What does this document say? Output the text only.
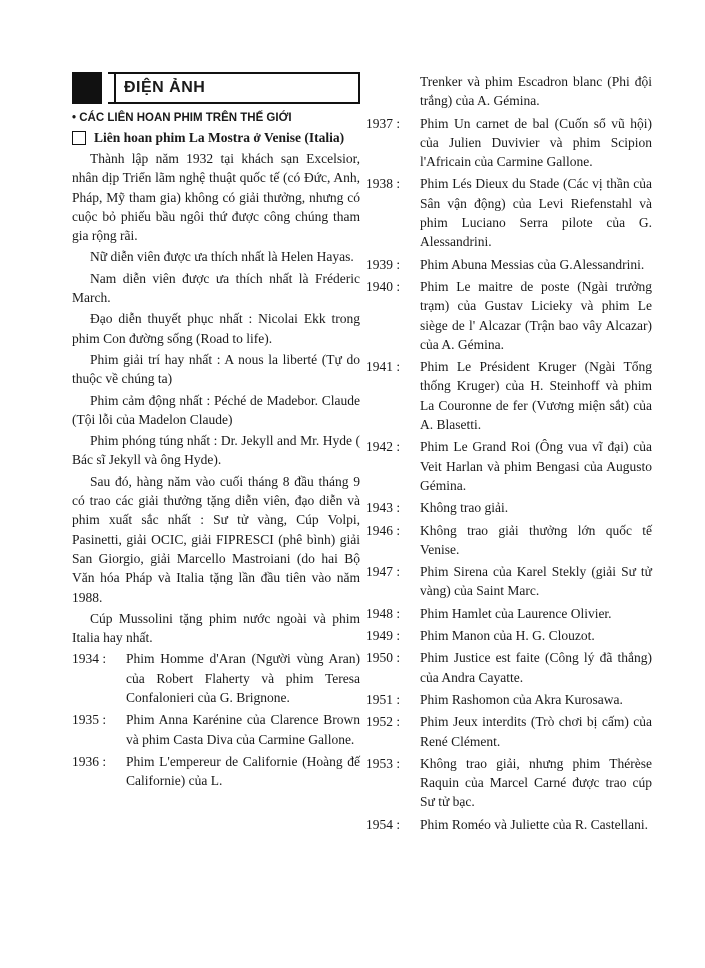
ĐIỆN ẢNH
• CÁC LIÊN HOAN PHIM TRÊN THẾ GIỚI
Liên hoan phim La Mostra ở Venise (Italia)

Thành lập năm 1932 tại khách sạn Excelsior, nhân dịp Triển lãm nghệ thuật quốc tế (có Đức, Anh, Pháp, Mỹ tham gia) không có giải thưởng, nhưng có cuộc bỏ phiếu bầu ngôi thứ được công chúng tham gia rộng rãi.

Nữ diễn viên được ưa thích nhất là Helen Hayas.

Nam diễn viên được ưa thích nhất là Fréderic March.

Đạo diễn thuyết phục nhất : Nicolai Ekk trong phim Con đường sống (Road to life).

Phim giải trí hay nhất : A nous la liberté (Tự do thuộc về chúng ta)

Phim cảm động nhất : Péché de Madebor. Claude (Tội lỗi của Madelon Claude)

Phim phóng túng nhất : Dr. Jekyll and Mr. Hyde ( Bác sĩ Jekyll và ông Hyde).

Sau đó, hàng năm vào cuối tháng 8 đầu tháng 9 có trao các giải thưởng tặng diễn viên, đạo diễn và phim xuất sắc nhất : Sư tử vàng, Cúp Volpi, Pasinetti, giải OCIC, giải FIPRESCI (phê bình) giải San Giorgio, giải Marcello Mastroiani (do hai Bộ Văn hóa Pháp và Italia tặng lần đầu tiên vào năm 1988.

Cúp Mussolini tặng phim nước ngoài và phim Italia hay nhất.

1934 :	Phim Homme d'Aran (Người vùng Aran) của Robert Flaherty và phim Teresa Confalonieri của G. Brignone.
1935 :	Phim Anna Karénine của Clarence Brown và phim Casta Diva của Carmine Gallone.
1936 :	Phim L'empereur de Californie (Hoàng đế Californie) của L.
Trenker và phim Escadron blanc (Phi đội trắng) của A. Gémina.
1937 :	Phim Un carnet de bal (Cuốn sổ vũ hội) của Julien Duvivier và phim Scipion l'Africain của Carmine Gallone.
1938 :	Phim Lés Dieux du Stade (Các vị thần của Sân vận động) của Levi Riefenstahl và phim Luciano Serra pilote của G. Alessandrini.
1939 :	Phim Abuna Messias của G.Alessandrini.
1940 :	Phim Le maitre de poste (Ngài trưởng trạm) của Gustav Licieky và phim Le siège de l' Alcazar (Trận bao vây Alcazar) của A. Gémina.
1941 :	Phim Le Président Kruger (Ngài Tổng thống Kruger) của H. Steinhoff và phim La Couronne de fer (Vương miện sắt) của A. Blasetti.
1942 :	Phim Le Grand Roi (Ông vua vĩ đại) của Veit Harlan và phim Bengasi của Augusto Gémina.
1943 :	Không trao giải.
1946 :	Không trao giải thưởng lớn quốc tế Venise.
1947 :	Phim Sirena của Karel Stekly (giải Sư tử vàng) của Saint Marc.
1948 :	Phim Hamlet của Laurence Olivier.
1949 :	Phim Manon của H. G. Clouzot.
1950 :	Phim Justice est faite (Công lý đã thắng) của Andra Cayatte.
1951 :	Phim Rashomon của Akra Kurosawa.
1952 :	Phim Jeux interdits (Trò chơi bị cấm) của René Clément.
1953 :	Không trao giải, nhưng phim Thérèse Raquin của Marcel Carné được trao cúp Sư tử bạc.
1954 :	Phim Roméo và Juliette của R. Castellani.
